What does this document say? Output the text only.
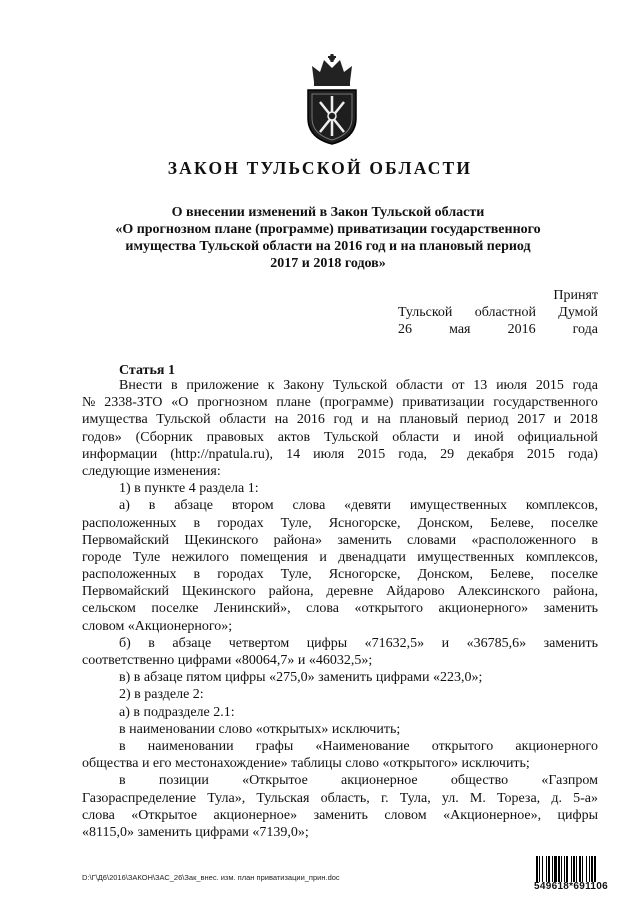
ЗАКОН ТУЛЬСКОЙ ОБЛАСТИ
О внесении изменений в Закон Тульской области
«О прогнозном плане (программе) приватизации государственного
имущества Тульской области на 2016 год и на плановый период
2017 и 2018 годов»
Принят
Тульской областной Думой
26	мая	2016	года
Статья 1
Внести в приложение к Закону Тульской области от 13 июля 2015 года
№ 2338-ЗТО «О прогнозном плане (программе) приватизации государственного
имущества Тульской области на 2016 год и на плановый период 2017 и 2018
годов» (Сборник правовых актов Тульской области и иной официальной
информации (http://npatula.ru), 14 июля 2015 года, 29 декабря 2015 года)
следующие изменения:
1) в пункте 4 раздела 1:
а) в абзаце втором слова «девяти имущественных комплексов,
расположенных в городах Туле, Ясногорске, Донском, Белеве, поселке
Первомайский Щекинского района» заменить словами «расположенного в
городе Туле нежилого помещения и двенадцати имущественных комплексов,
расположенных в городах Туле, Ясногорске, Донском, Белеве, поселке
Первомайский Щекинского района, деревне Айдарово Алексинского района,
сельском поселке Ленинский», слова «открытого акционерного» заменить
словом «Акционерного»;
б) в абзаце четвертом цифры «71632,5» и «36785,6» заменить
соответственно цифрами «80064,7» и «46032,5»;
в) в абзаце пятом цифры «275,0» заменить цифрами «223,0»;
2) в разделе 2:
а) в подразделе 2.1:
в наименовании слово «открытых» исключить;
в наименовании графы «Наименование открытого акционерного
общества и его местонахождение» таблицы слово «открытого» исключить;
в позиции «Открытое акционерное общество «Газпром
Газораспределение Тула», Тульская область, г. Тула, ул. М. Тореза, д. 5-а»
слова «Открытое акционерное» заменить словом «Акционерное», цифры
«8115,0» заменить цифрами «7139,0»;
D:\Г\Д6\2016\ЗАКОН\ЗАС_26\Зак_внес. изм. план приватизации_прин.doc
549618*691106
